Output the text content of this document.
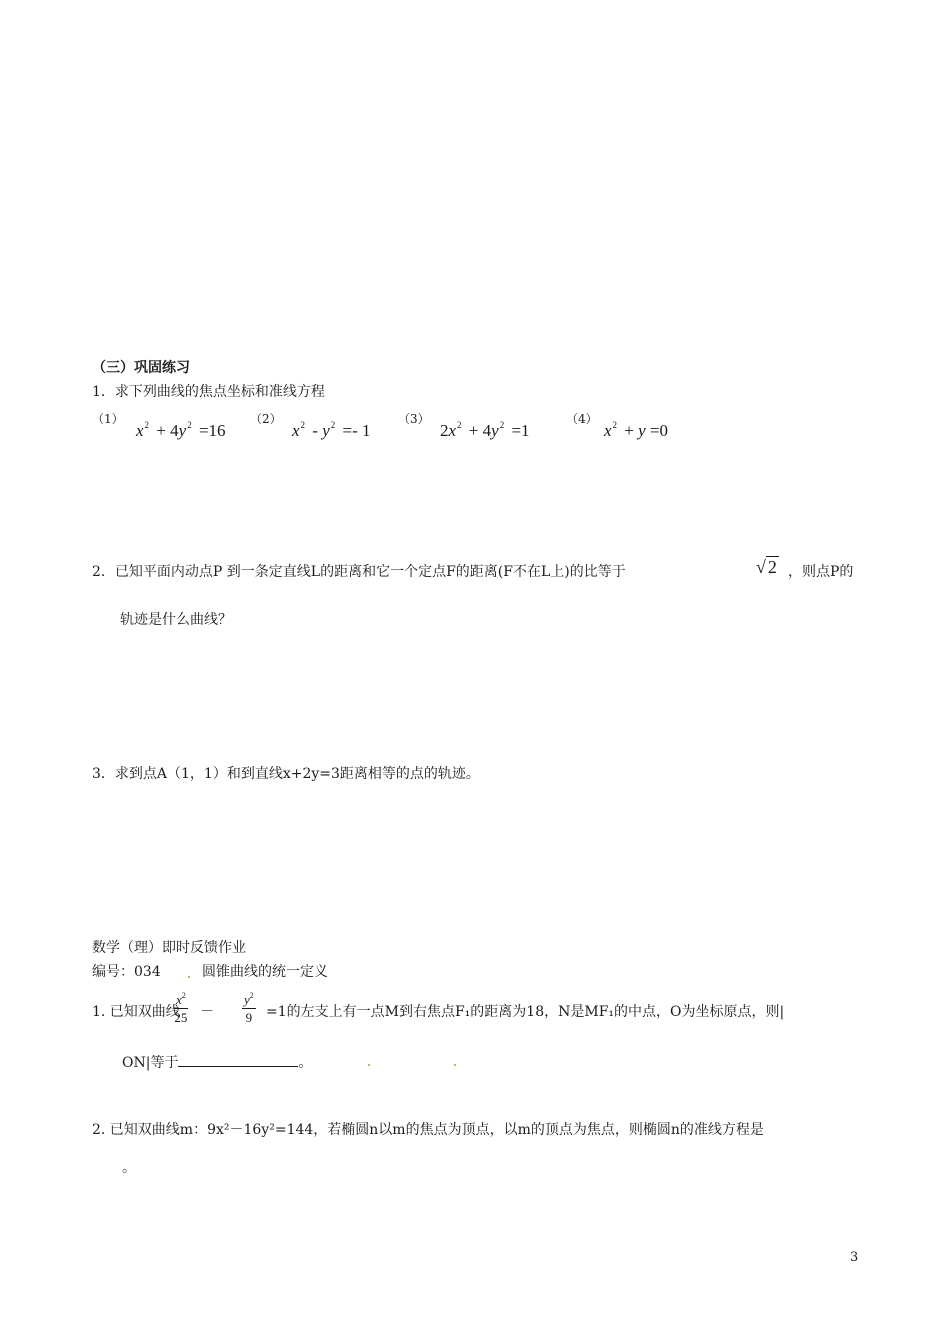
（三）巩固练习
1．求下列曲线的焦点坐标和准线方程
（1）
$x^2 + 4y^2 =16$
（2）
$x^2 - y^2 =- 1$
（3）
$2x^2 + 4y^2 =1$
（4）
$x^2 + y =0$
2．已知平面内动点P 到一条定直线L的距离和它一个定点F的距离(F不在L上)的比等于	√ 2 ，则点P的
轨迹是什么曲线？
3．求到点A（1，1）和到直线x+2y=3距离相等的点的轨迹。
数学（理）即时反馈作业
编号：034	圆锥曲线的统一定义
1. 已知双曲线
$\frac{x^2}{25} - \frac{y^2}{9} =1$的左支上有一点M到右焦点F₁的距离为18，N是MF₁的中点，O为坐标原点，则|
ON|等于	。
2. 已知双曲线m：9x²－16y²=144，若椭圆n以m的焦点为顶点，以m的顶点为焦点，则椭圆n的准线方程是
。
3
